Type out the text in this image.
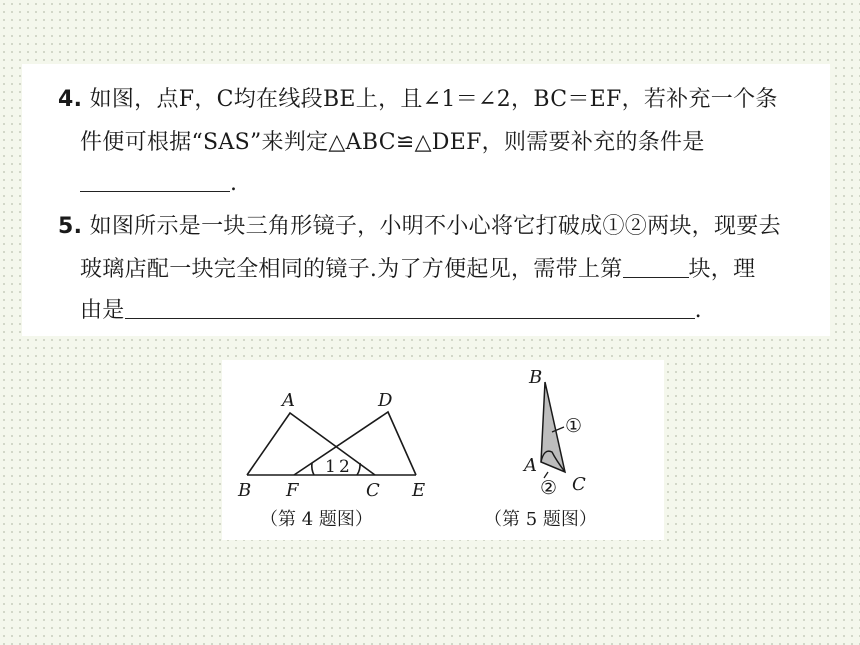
4. 如图，点F，C均在线段BE上，且∠1＝∠2，BC＝EF，若补充一个条
件便可根据“SAS”来判定△ABC≌△DEF，则需要补充的条件是
.
5. 如图所示是一块三角形镜子，小明不小心将它打破成①②两块，现要去
玻璃店配一块完全相同的镜子.为了方便起见，需带上第	块，理
由是	.
A	D
B F	C E
1 2
（第 4 题图）
B
A
C
①
②
（第 5 题图）
